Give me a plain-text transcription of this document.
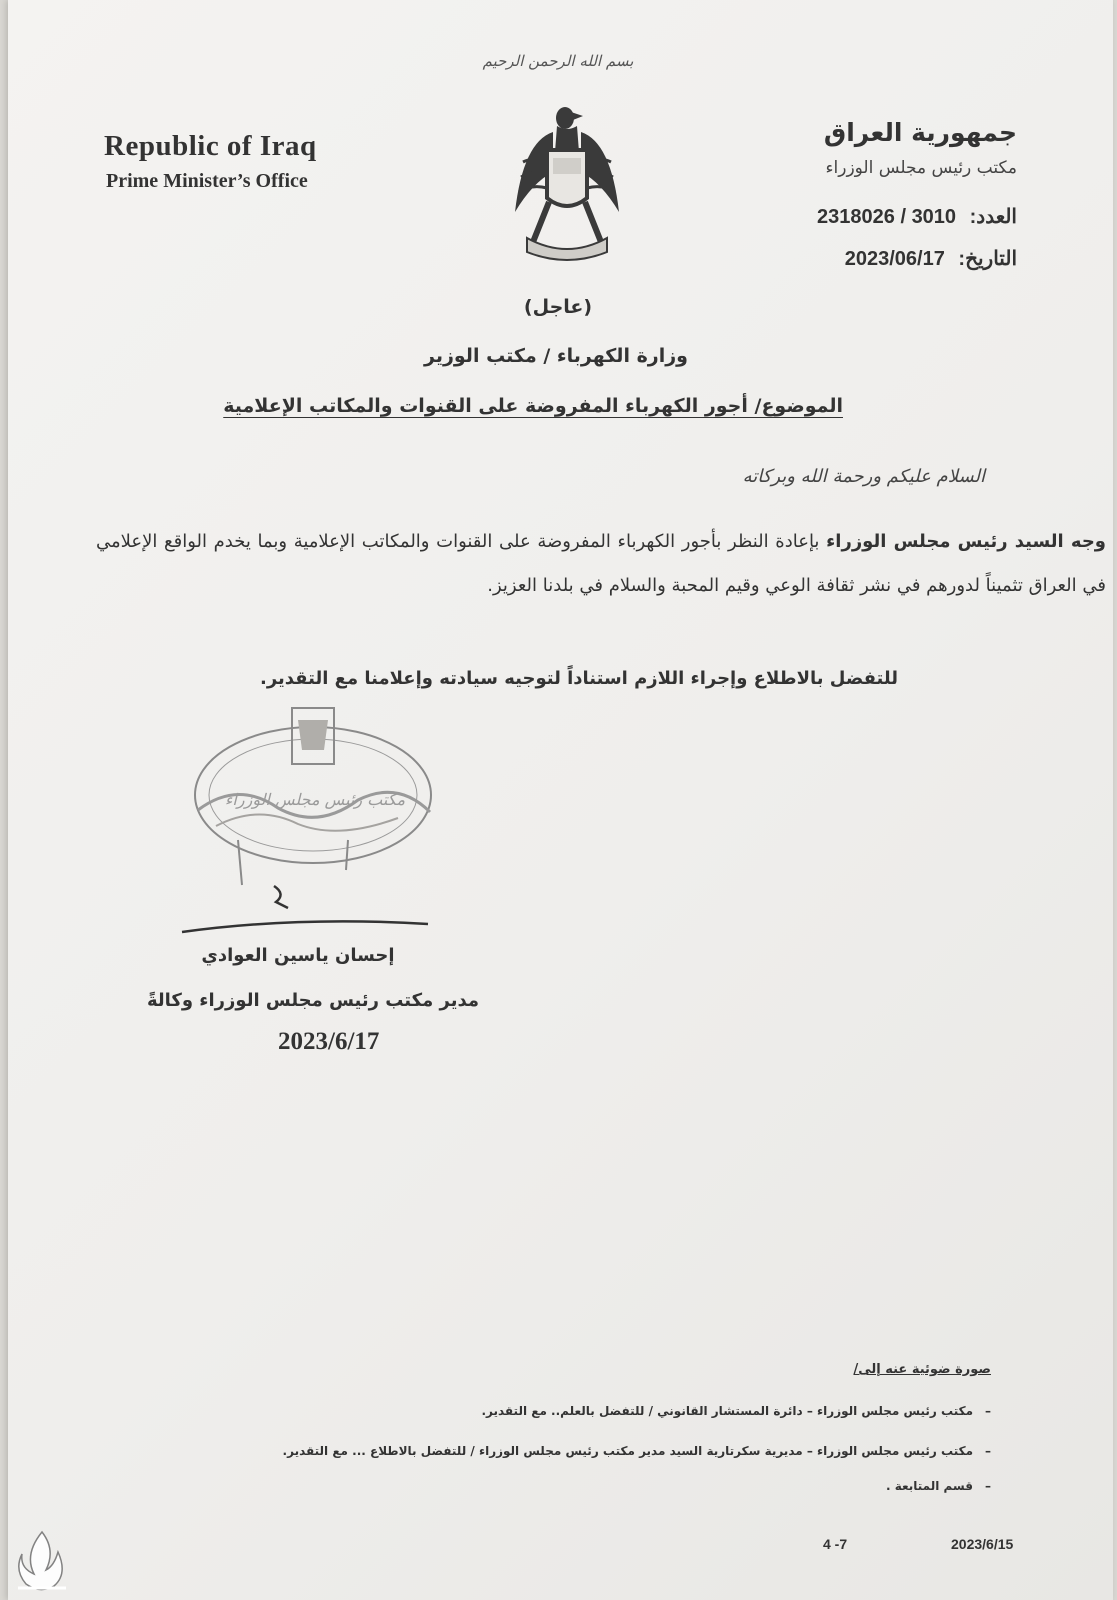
بسم الله الرحمن الرحيم
Republic of Iraq
Prime Minister’s Office
جمهورية العراق
مكتب رئيس مجلس الوزراء
العدد: 2318026 / 3010
التاريخ: 2023/06/17
(عاجل)
وزارة الكهرباء / مكتب الوزير
الموضوع/ أجور الكهرباء المفروضة على القنوات والمكاتب الإعلامية
السلام عليكم ورحمة الله وبركاته
وجه السيد رئيس مجلس الوزراء بإعادة النظر بأجور الكهرباء المفروضة على القنوات والمكاتب الإعلامية وبما يخدم الواقع الإعلامي في العراق تثميناً لدورهم في نشر ثقافة الوعي وقيم المحبة والسلام في بلدنا العزيز.
للتفضل بالاطلاع وإجراء اللازم استناداً لتوجيه سيادته وإعلامنا مع التقدير.
مكتب رئيس مجلس الوزراء
إحسان ياسين العوادي
مدير مكتب رئيس مجلس الوزراء وكالةً
2023/6/17
صورة ضوئية عنه إلى/
–مكتب رئيس مجلس الوزراء – دائرة المستشار القانوني / للتفضل بالعلم.. مع التقدير.
–مكتب رئيس مجلس الوزراء – مديرية سكرتارية السيد مدير مكتب رئيس مجلس الوزراء / للتفضل بالاطلاع ... مع التقدير.
–قسم المتابعة .
4 -7	2023/6/15
